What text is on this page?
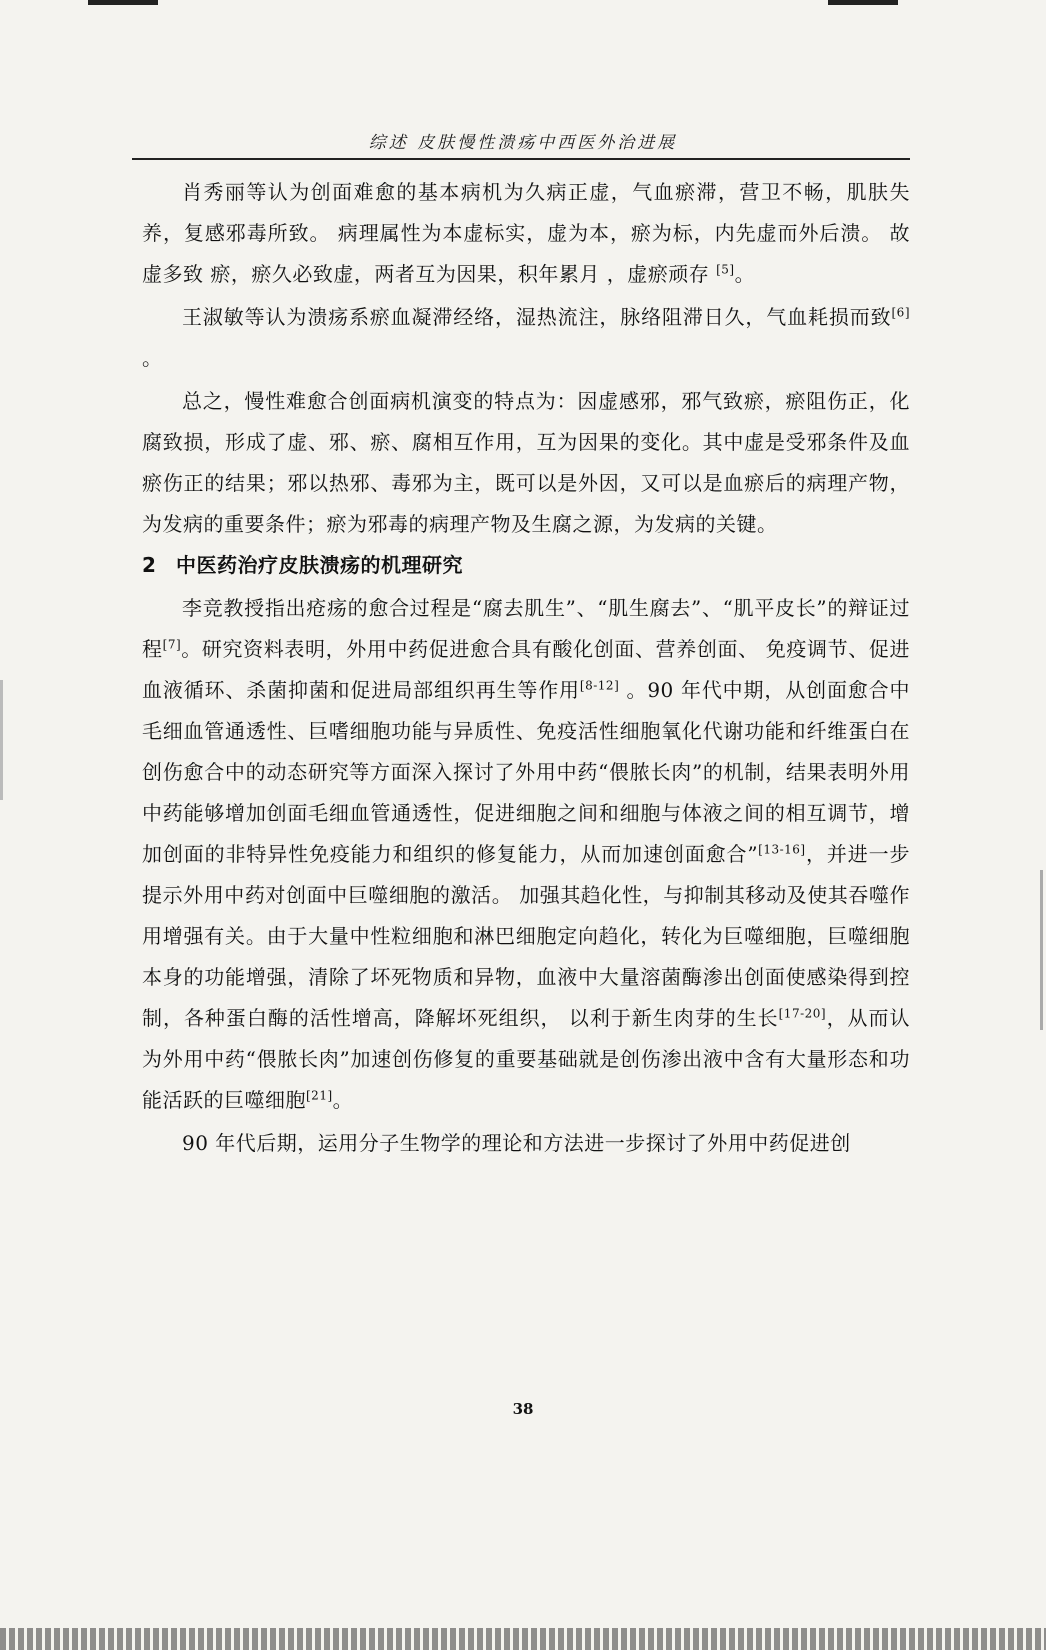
综述 皮肤慢性溃疡中西医外治进展

肖秀丽等认为创面难愈的基本病机为久病正虚，气血瘀滞，营卫不畅，肌肤失养，复感邪毒所致。 病理属性为本虚标实，虚为本，瘀为标，内先虚而外后溃。 故虚多致 瘀，瘀久必致虚，两者互为因果，积年累月 ，虚瘀顽存 [5]。

王淑敏等认为溃疡系瘀血凝滞经络，湿热流注，脉络阻滞日久，气血耗损而致[6] 。

总之，慢性难愈合创面病机演变的特点为：因虚感邪，邪气致瘀，瘀阻伤正，化腐致损，形成了虚、邪、瘀、腐相互作用，互为因果的变化。其中虚是受邪条件及血瘀伤正的结果；邪以热邪、毒邪为主，既可以是外因，又可以是血瘀后的病理产物，为发病的重要条件；瘀为邪毒的病理产物及生腐之源，为发病的关键。

2 中医药治疗皮肤溃疡的机理研究

李竞教授指出疮疡的愈合过程是“腐去肌生”、“肌生腐去”、“肌平皮长”的辩证过程[7]。研究资料表明，外用中药促进愈合具有酸化创面、营养创面、 免疫调节、促进血液循环、杀菌抑菌和促进局部组织再生等作用[8-12] 。90 年代中期，从创面愈合中毛细血管通透性、巨嗜细胞功能与异质性、免疫活性细胞氧化代谢功能和纤维蛋白在创伤愈合中的动态研究等方面深入探讨了外用中药“偎脓长肉”的机制，结果表明外用中药能够增加创面毛细血管通透性，促进细胞之间和细胞与体液之间的相互调节，增加创面的非特异性免疫能力和组织的修复能力，从而加速创面愈合”[13-16]，并进一步提示外用中药对创面中巨噬细胞的激活。 加强其趋化性，与抑制其移动及使其吞噬作用增强有关。由于大量中性粒细胞和淋巴细胞定向趋化，转化为巨噬细胞，巨噬细胞本身的功能增强，清除了坏死物质和异物，血液中大量溶菌酶渗出创面使感染得到控制，各种蛋白酶的活性增高，降解坏死组织， 以利于新生肉芽的生长[17-20]，从而认为外用中药“偎脓长肉”加速创伤修复的重要基础就是创伤渗出液中含有大量形态和功能活跃的巨噬细胞[21]。

90 年代后期，运用分子生物学的理论和方法进一步探讨了外用中药促进创

38
